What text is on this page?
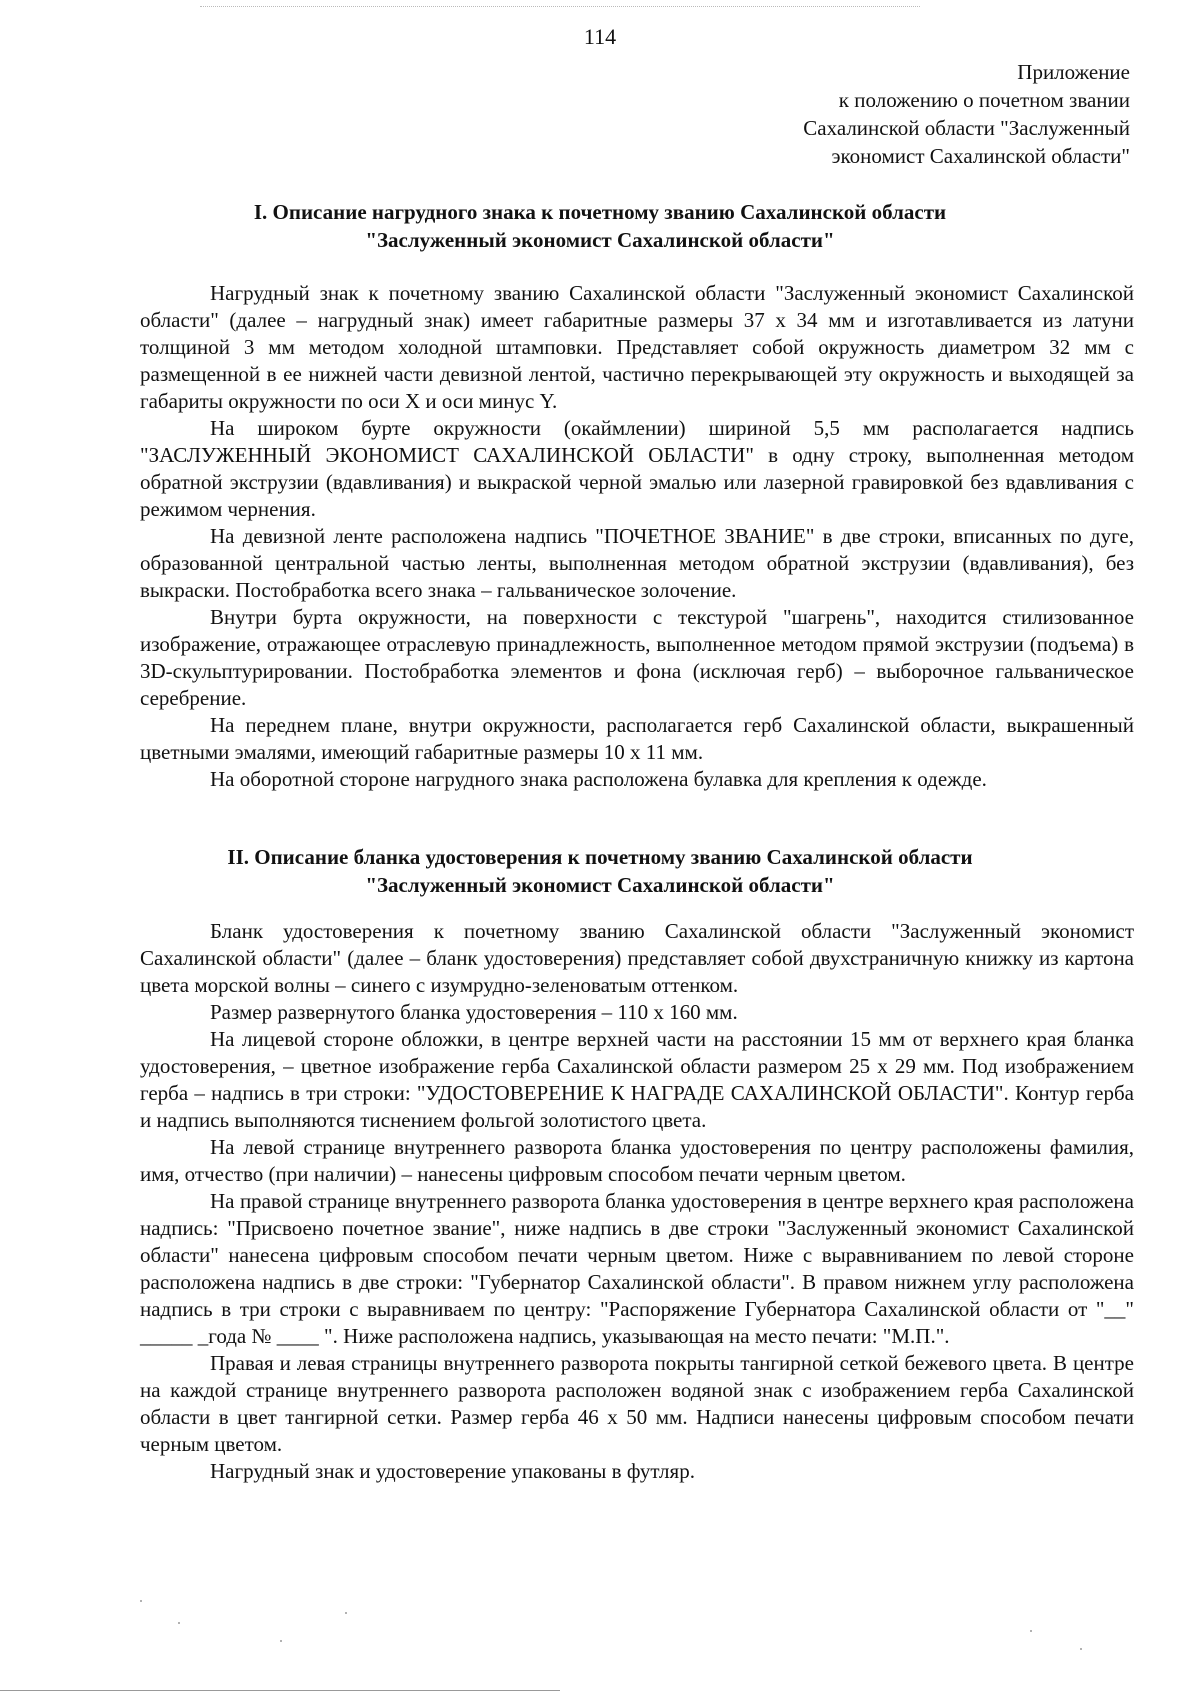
114
Приложение
к положению о почетном звании
Сахалинской области "Заслуженный
экономист Сахалинской области"
I. Описание нагрудного знака к почетному званию Сахалинской области
"Заслуженный экономист Сахалинской области"

Нагрудный знак к почетному званию Сахалинской области "Заслуженный экономист Сахалинской области" (далее – нагрудный знак) имеет габаритные размеры 37 х 34 мм и изготавливается из латуни толщиной 3 мм методом холодной штамповки. Представляет собой окружность диаметром 32 мм с размещенной в ее нижней части девизной лентой, частично перекрывающей эту окружность и выходящей за габариты окружности по оси X и оси минус Y.

На широком бурте окружности (окаймлении) шириной 5,5 мм располагается надпись "ЗАСЛУЖЕННЫЙ ЭКОНОМИСТ САХАЛИНСКОЙ ОБЛАСТИ" в одну строку, выполненная методом обратной экструзии (вдавливания) и выкраской черной эмалью или лазерной гравировкой без вдавливания с режимом чернения.

На девизной ленте расположена надпись "ПОЧЕТНОЕ ЗВАНИЕ" в две строки, вписанных по дуге, образованной центральной частью ленты, выполненная методом обратной экструзии (вдавливания), без выкраски. Постобработка всего знака – гальваническое золочение.

Внутри бурта окружности, на поверхности с текстурой "шагрень", находится стилизованное изображение, отражающее отраслевую принадлежность, выполненное методом прямой экструзии (подъема) в 3D-скульптурировании. Постобработка элементов и фона (исключая герб) – выборочное гальваническое серебрение.

На переднем плане, внутри окружности, располагается герб Сахалинской области, выкрашенный цветными эмалями, имеющий габаритные размеры 10 х 11 мм.

На оборотной стороне нагрудного знака расположена булавка для крепления к одежде.

II. Описание бланка удостоверения к почетному званию Сахалинской области
"Заслуженный экономист Сахалинской области"

Бланк удостоверения к почетному званию Сахалинской области "Заслуженный экономист Сахалинской области" (далее – бланк удостоверения) представляет собой двухстраничную книжку из картона цвета морской волны – синего с изумрудно-зеленоватым оттенком.

Размер развернутого бланка удостоверения – 110 х 160 мм.

На лицевой стороне обложки, в центре верхней части на расстоянии 15 мм от верхнего края бланка удостоверения, – цветное изображение герба Сахалинской области размером 25 х 29 мм. Под изображением герба – надпись в три строки: "УДОСТОВЕРЕНИЕ К НАГРАДЕ САХАЛИНСКОЙ ОБЛАСТИ". Контур герба и надпись выполняются тиснением фольгой золотистого цвета.

На левой странице внутреннего разворота бланка удостоверения по центру расположены фамилия, имя, отчество (при наличии) – нанесены цифровым способом печати черным цветом.

На правой странице внутреннего разворота бланка удостоверения в центре верхнего края расположена надпись: "Присвоено почетное звание", ниже надпись в две строки "Заслуженный экономист Сахалинской области" нанесена цифровым способом печати черным цветом. Ниже с выравниванием по левой стороне расположена надпись в две строки: "Губернатор Сахалинской области". В правом нижнем углу расположена надпись в три строки с выравниваем по центру: "Распоряжение Губернатора Сахалинской области от "__" _____ _года № ____ ". Ниже расположена надпись, указывающая на место печати: "М.П.".

Правая и левая страницы внутреннего разворота покрыты тангирной сеткой бежевого цвета. В центре на каждой странице внутреннего разворота расположен водяной знак с изображением герба Сахалинской области в цвет тангирной сетки. Размер герба 46 х 50 мм. Надписи нанесены цифровым способом печати черным цветом.

Нагрудный знак и удостоверение упакованы в футляр.
